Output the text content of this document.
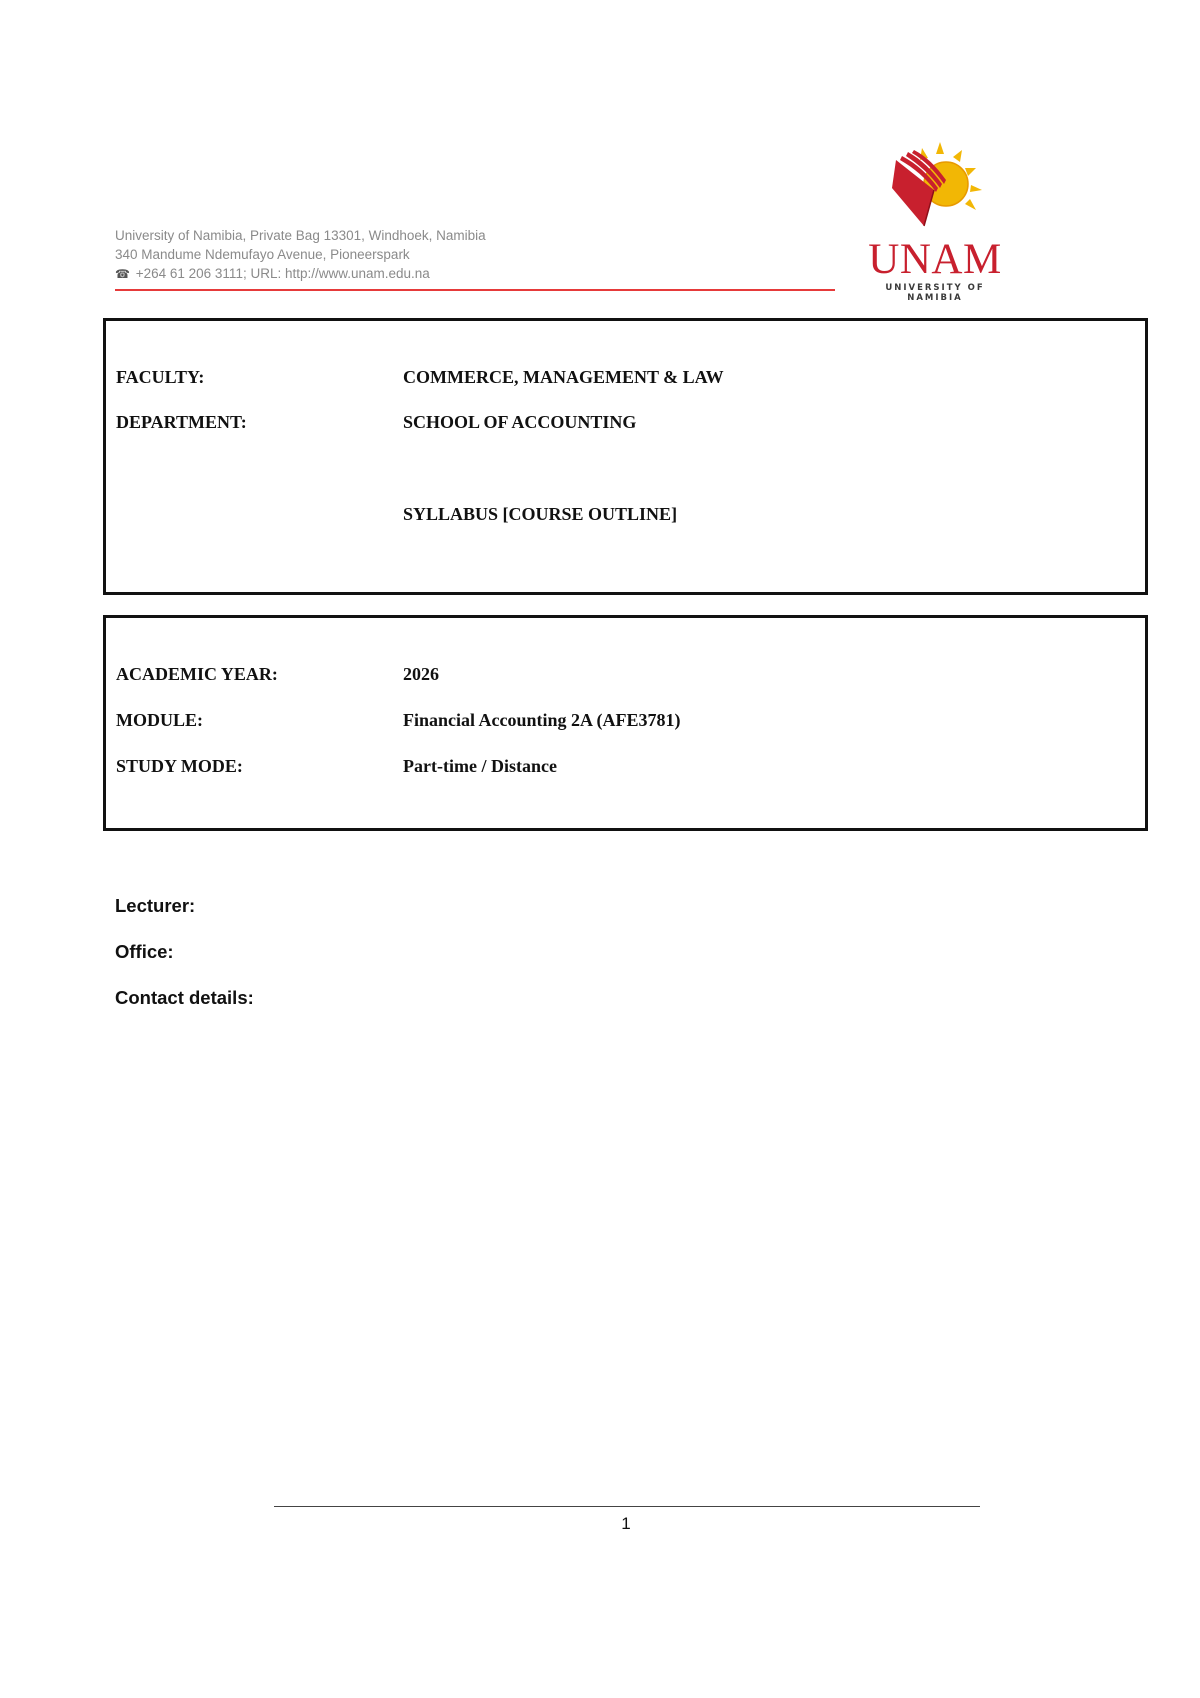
University of Namibia, Private Bag 13301, Windhoek, Namibia
340 Mandume Ndemufayo Avenue, Pioneerspark
☎ +264 61 206 3111; URL: http://www.unam.edu.na	UNAM
UNIVERSITY OF NAMIBIA
FACULTY:	COMMERCE, MANAGEMENT & LAW
DEPARTMENT:	SCHOOL OF ACCOUNTING
SYLLABUS [COURSE OUTLINE]
ACADEMIC YEAR:	2026
MODULE:	Financial Accounting 2A (AFE3781)
STUDY MODE:	Part-time / Distance
Lecturer:
Office:
Contact details:
1
